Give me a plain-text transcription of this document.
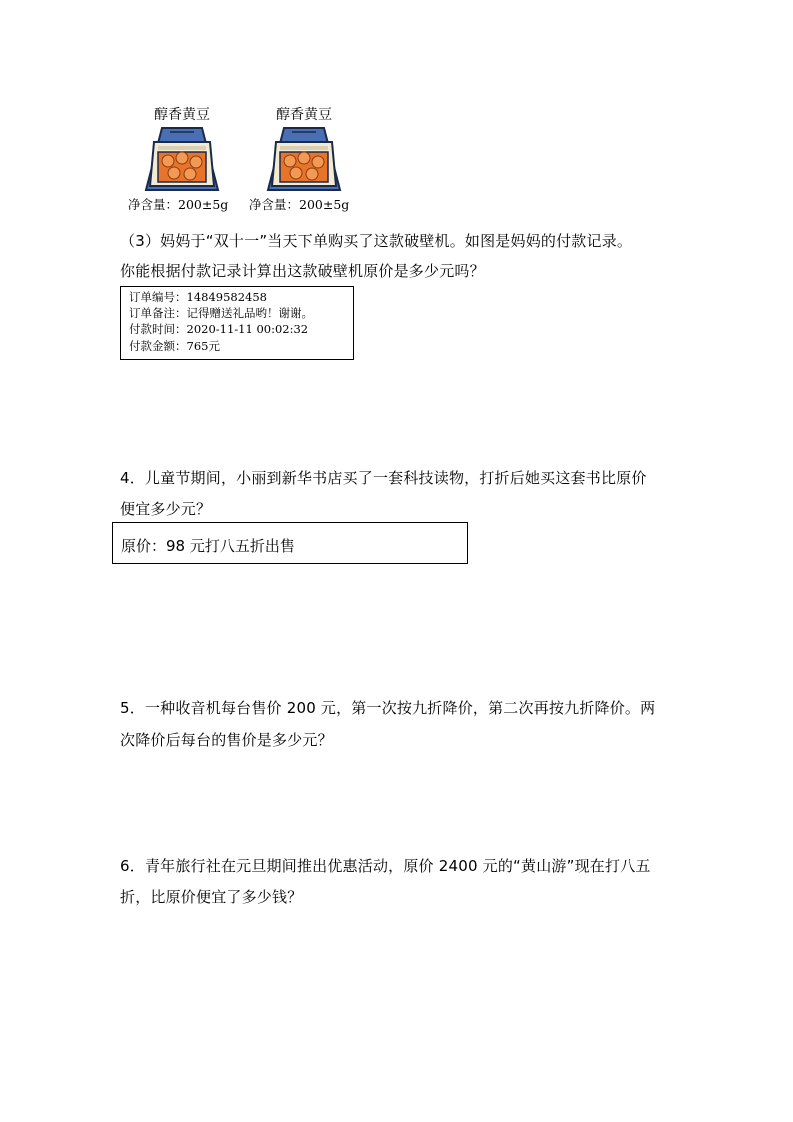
醇香黄豆
净含量：200±5g
醇香黄豆
净含量：200±5g
（3）妈妈于“双十一”当天下单购买了这款破壁机。如图是妈妈的付款记录。
你能根据付款记录计算出这款破壁机原价是多少元吗？
订单编号：14849582458
订单备注：记得赠送礼品哟！谢谢。
付款时间：2020-11-11 00:02:32
付款金额：765元
4．儿童节期间，小丽到新华书店买了一套科技读物，打折后她买这套书比原价
便宜多少元？
原价：98 元打八五折出售
5．一种收音机每台售价 200 元，第一次按九折降价，第二次再按九折降价。两
次降价后每台的售价是多少元？
6．青年旅行社在元旦期间推出优惠活动，原价 2400 元的“黄山游”现在打八五
折，比原价便宜了多少钱？
